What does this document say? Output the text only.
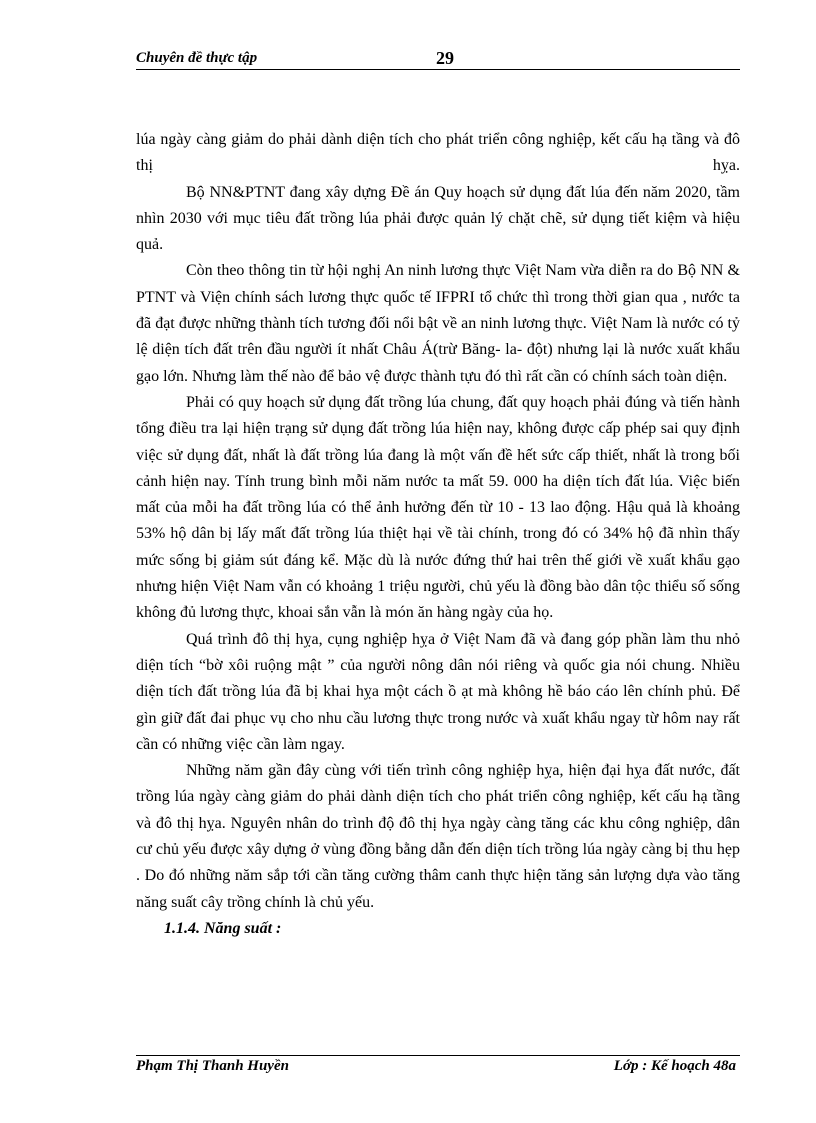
Chuyên đề thực tập	29

lúa ngày càng giảm do phải dành diện tích cho phát triển công nghiệp, kết cấu hạ tầng và đô thị hỵa.

Bộ NN&PTNT đang xây dựng Đề án Quy hoạch sử dụng đất lúa đến năm 2020, tầm nhìn 2030 với mục tiêu đất trồng lúa phải được quản lý chặt chẽ, sử dụng tiết kiệm và hiệu quả.

Còn theo thông tin từ hội nghị An ninh lương thực Việt Nam vừa diễn ra do Bộ NN & PTNT và Viện chính sách lương thực quốc tế IFPRI tổ chức thì trong thời gian qua , nước ta đã đạt được những thành tích tương đối nổi bật về an ninh lương thực. Việt Nam là nước có tỷ lệ diện tích đất trên đầu người ít nhất Châu Á(trừ Băng- la- đột) nhưng lại là nước xuất khẩu gạo lớn. Nhưng làm thế nào để bảo vệ được thành tựu đó thì rất cần có chính sách toàn diện.

Phải có quy hoạch sử dụng đất trồng lúa chung, đất quy hoạch phải đúng và tiến hành tổng điều tra lại hiện trạng sử dụng đất trồng lúa hiện nay, không được cấp phép sai quy định việc sử dụng đất, nhất là đất trồng lúa đang là một vấn đề hết sức cấp thiết, nhất là trong bối cảnh hiện nay. Tính trung bình mỗi năm nước ta mất 59. 000 ha diện tích đất lúa. Việc biến mất của mỗi ha đất trồng lúa có thể ảnh hưởng đến từ 10 - 13 lao động. Hậu quả là khoảng 53% hộ dân bị lấy mất đất trồng lúa thiệt hại về tài chính, trong đó có 34% hộ đã nhìn thấy mức sống bị giảm sút đáng kể. Mặc dù là nước đứng thứ hai trên thế giới về xuất khẩu gạo nhưng hiện Việt Nam vẫn có khoảng 1 triệu người, chủ yếu là đồng bào dân tộc thiểu số sống không đủ lương thực, khoai sắn vẫn là món ăn hàng ngày của họ.

Quá trình đô thị hỵa, cụng nghiệp hỵa ở Việt Nam đã và đang góp phần làm thu nhỏ diện tích “bờ xôi ruộng mật ” của người nông dân nói riêng và quốc gia nói chung. Nhiều diện tích đất trồng lúa đã bị khai hỵa một cách ồ ạt mà không hề báo cáo lên chính phủ. Để gìn giữ đất đai phục vụ cho nhu cầu lương thực trong nước và xuất khẩu ngay từ hôm nay rất cần có những việc cần làm ngay.

Những năm gần đây cùng với tiến trình công nghiệp hỵa, hiện đại hỵa đất nước, đất trồng lúa ngày càng giảm do phải dành diện tích cho phát triển công nghiệp, kết cấu hạ tầng và đô thị hỵa. Nguyên nhân do trình độ đô thị hỵa ngày càng tăng các khu công nghiệp, dân cư chủ yếu được xây dựng ở vùng đồng bằng dẫn đến diện tích trồng lúa ngày càng bị thu hẹp . Do đó những năm sắp tới cần tăng cường thâm canh thực hiện tăng sản lượng dựa vào tăng năng suất cây trồng chính là chủ yếu.

1.1.4. Năng suất :

Phạm Thị Thanh Huyền	Lớp : Kế hoạch 48a
